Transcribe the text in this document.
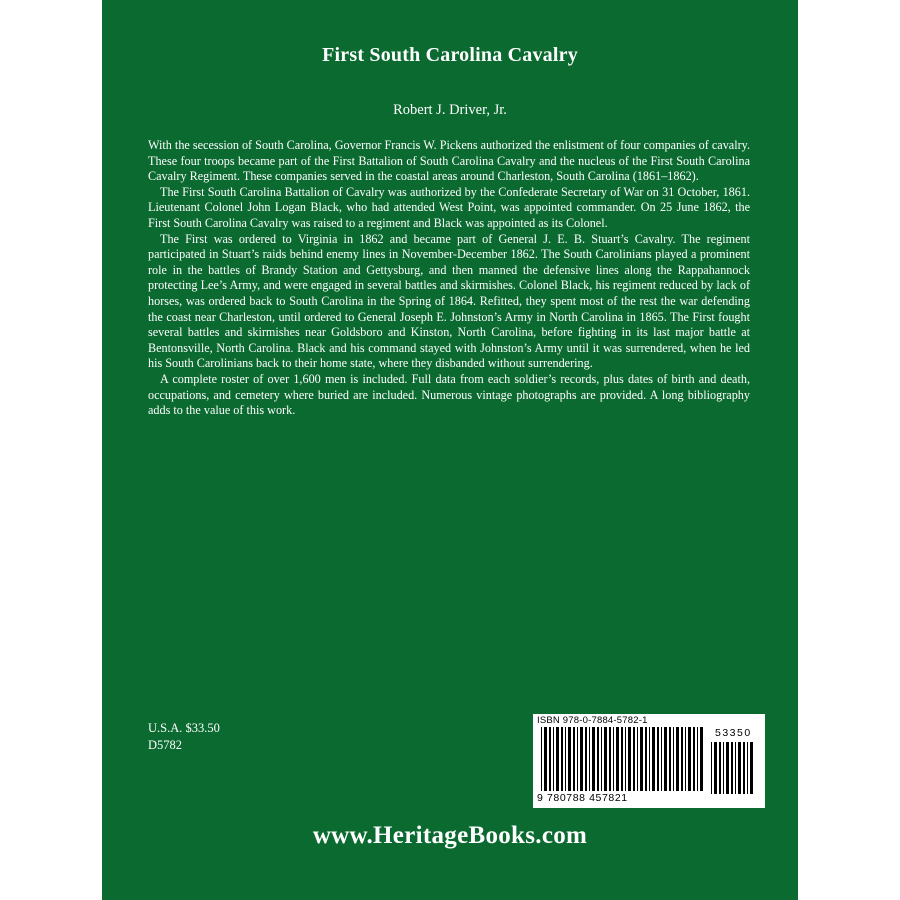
First South Carolina Cavalry
Robert J. Driver, Jr.

With the secession of South Carolina, Governor Francis W. Pickens authorized the enlistment of four companies of cavalry. These four troops became part of the First Battalion of South Carolina Cavalry and the nucleus of the First South Carolina Cavalry Regiment. These companies served in the coastal areas around Charleston, South Carolina (1861–1862).

The First South Carolina Battalion of Cavalry was authorized by the Confederate Secretary of War on 31 October, 1861. Lieutenant Colonel John Logan Black, who had attended West Point, was appointed commander. On 25 June 1862, the First South Carolina Cavalry was raised to a regiment and Black was appointed as its Colonel.

The First was ordered to Virginia in 1862 and became part of General J. E. B. Stuart’s Cavalry. The regiment participated in Stuart’s raids behind enemy lines in November-December 1862. The South Carolinians played a prominent role in the battles of Brandy Station and Gettysburg, and then manned the defensive lines along the Rappahannock protecting Lee’s Army, and were engaged in several battles and skirmishes. Colonel Black, his regiment reduced by lack of horses, was ordered back to South Carolina in the Spring of 1864. Refitted, they spent most of the rest the war defending the coast near Charleston, until ordered to General Joseph E. Johnston’s Army in North Carolina in 1865. The First fought several battles and skirmishes near Goldsboro and Kinston, North Carolina, before fighting in its last major battle at Bentonsville, North Carolina. Black and his command stayed with Johnston’s Army until it was surrendered, when he led his South Carolinians back to their home state, where they disbanded without surrendering.

A complete roster of over 1,600 men is included. Full data from each soldier’s records, plus dates of birth and death, occupations, and cemetery where buried are included. Numerous vintage photographs are provided. A long bibliography adds to the value of this work.

U.S.A. $33.50
D5782
ISBN 978-0-7884-5782-1
9 780788 457821
53350
www.HeritageBooks.com
